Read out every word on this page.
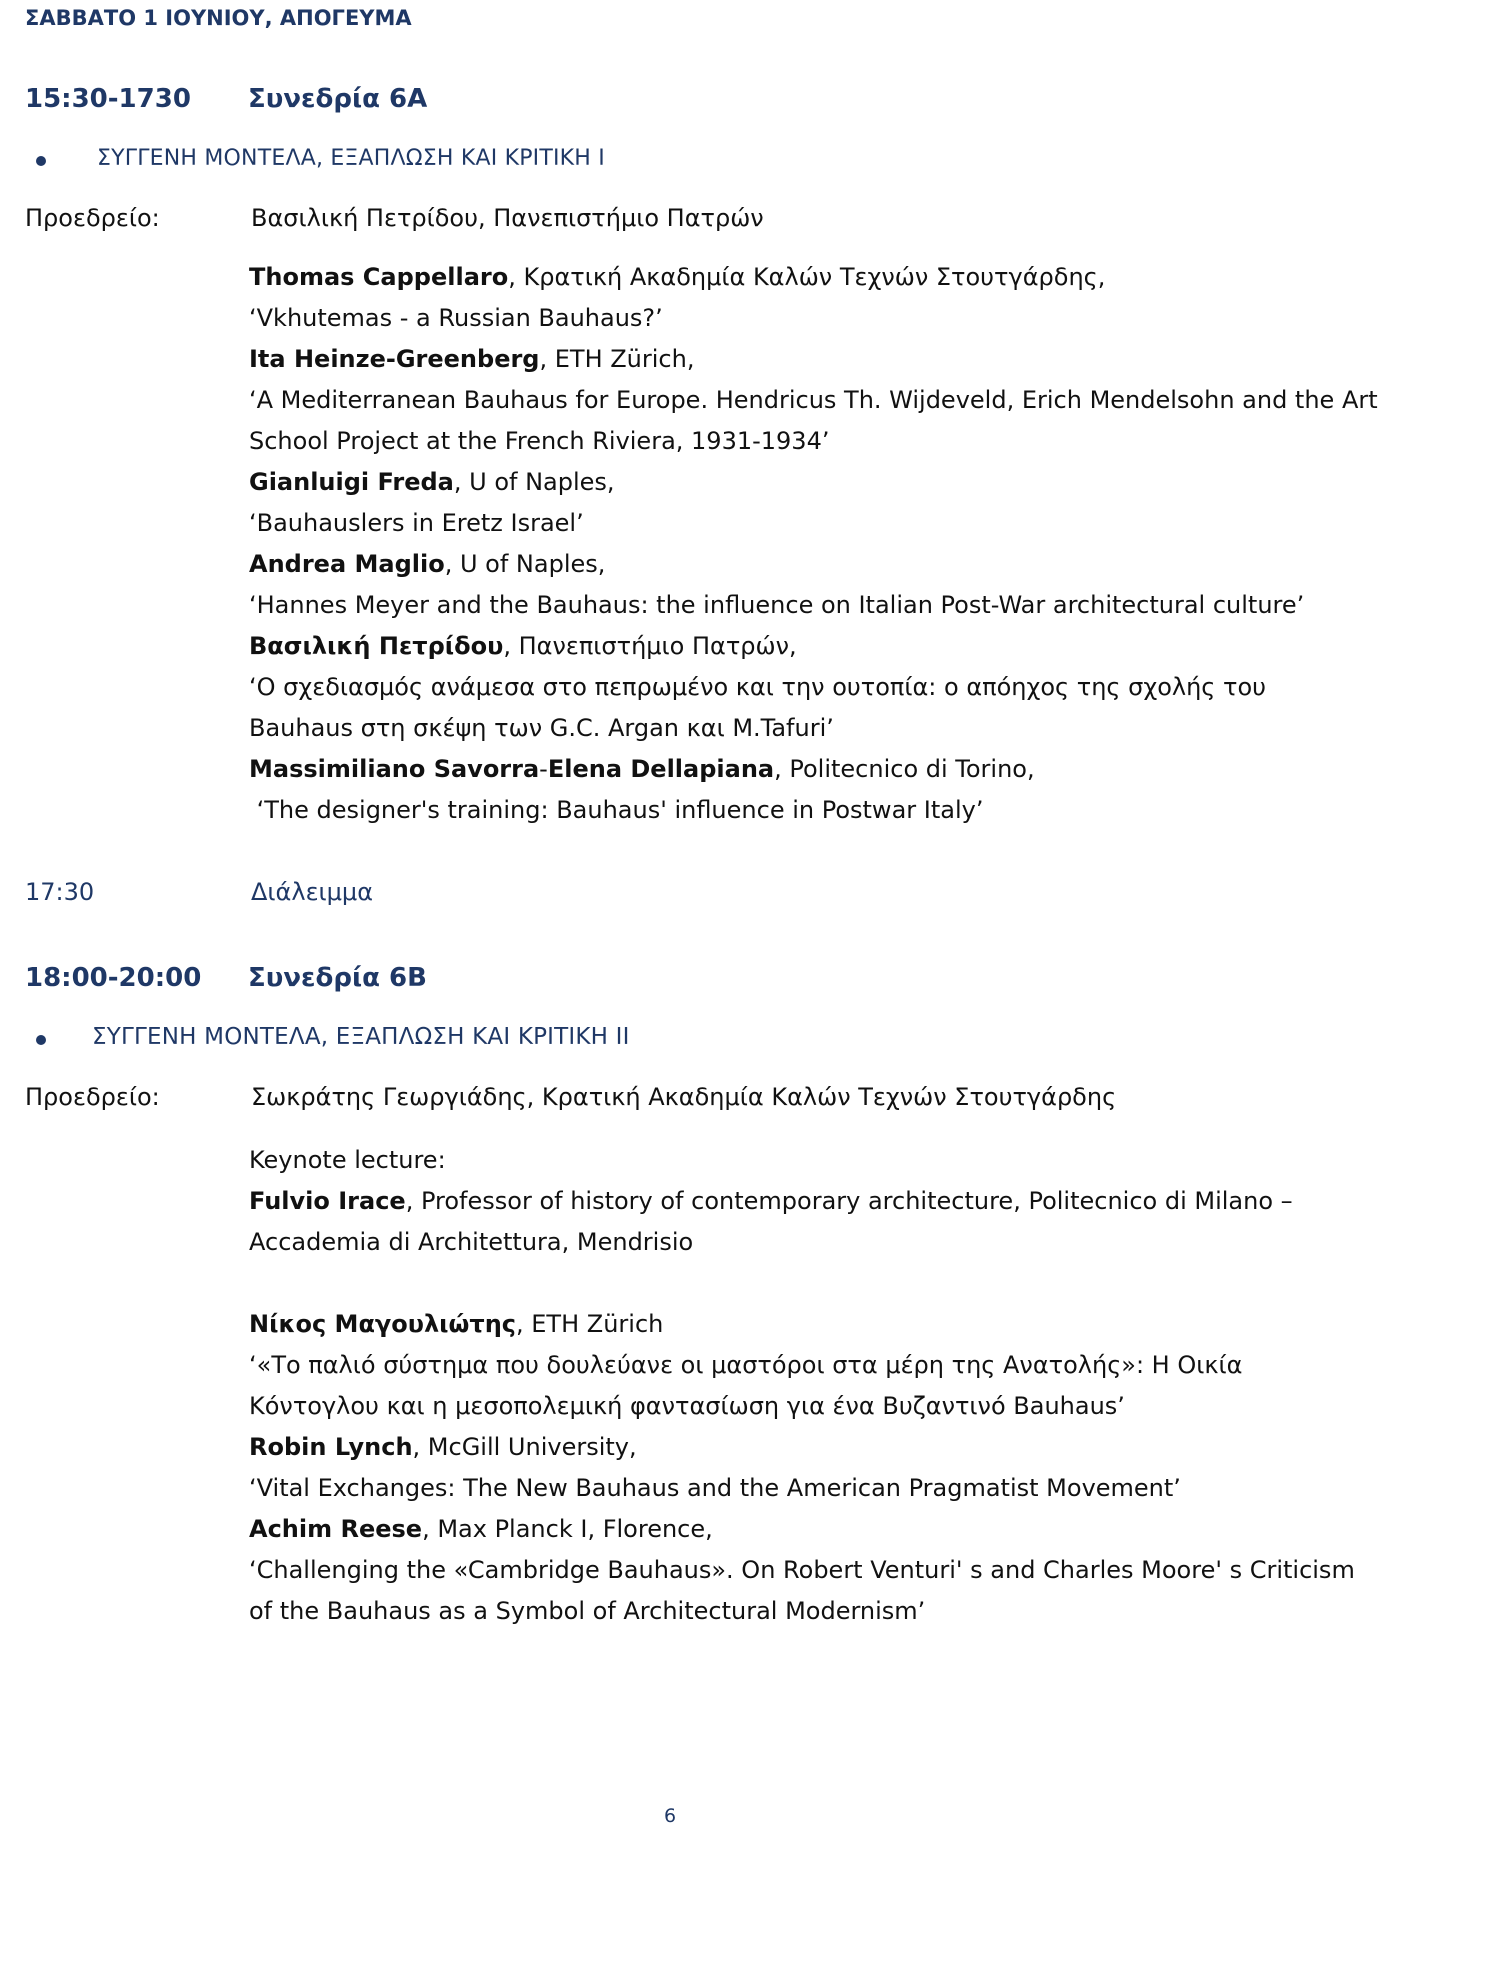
ΣΑΒΒΑΤΟ 1 ΙΟΥΝΙΟΥ, ΑΠΟΓΕΥΜΑ
15:30-1730 Συνεδρία 6Α
ΣΥΓΓΕΝΗ ΜΟΝΤΕΛΑ, ΕΞΑΠΛΩΣΗ ΚΑΙ ΚΡΙΤΙΚΗ Ι
Προεδρείο:	Βασιλική Πετρίδου, Πανεπιστήμιο Πατρών
Thomas Cappellaro, Κρατική Ακαδημία Καλών Τεχνών Στουτγάρδης,
‘Vkhutemas - a Russian Bauhaus?’
Ita Heinze-Greenberg, ETH Zürich,
‘A Mediterranean Bauhaus for Europe. Hendricus Th. Wijdeveld, Erich Mendelsohn and the Art
School Project at the French Riviera, 1931-1934’
Gianluigi Freda, U of Naples,
‘Bauhauslers in Eretz Israel’
Andrea Maglio, U of Naples,
‘Hannes Meyer and the Bauhaus: the influence on Italian Post-War architectural culture’
Βασιλική Πετρίδου, Πανεπιστήμιο Πατρών,
‘Ο σχεδιασμός ανάμεσα στο πεπρωμένο και την ουτοπία: ο απόηχος της σχολής του
Bauhaus στη σκέψη των G.C. Argan και M.Tafuri’
Massimiliano Savorra-Elena Dellapiana, Politecnico di Torino,
‘The designer's training: Bauhaus' influence in Postwar Italy’
17:30	Διάλειμμα
18:00-20:00 Συνεδρία 6Β
ΣΥΓΓΕΝΗ ΜΟΝΤΕΛΑ, ΕΞΑΠΛΩΣΗ ΚΑΙ ΚΡΙΤΙΚΗ ΙΙ
Προεδρείο:	Σωκράτης Γεωργιάδης, Κρατική Ακαδημία Καλών Τεχνών Στουτγάρδης
Keynote lecture:
Fulvio Irace, Professor of history of contemporary architecture, Politecnico di Milano –
Accademia di Architettura, Mendrisio
Νίκος Μαγουλιώτης, ETH Zürich
‘«Το παλιό σύστημα που δουλεύανε οι μαστόροι στα μέρη της Ανατολής»: Η Οικία
Κόντογλου και η μεσοπολεμική φαντασίωση για ένα Βυζαντινό Bauhaus’
Robin Lynch, McGill University,
‘Vital Exchanges: The New Bauhaus and the American Pragmatist Movement’
Achim Reese, Max Planck I, Florence,
‘Challenging the «Cambridge Bauhaus». On Robert Venturi' s and Charles Moore' s Criticism
of the Bauhaus as a Symbol of Architectural Modernism’
6
